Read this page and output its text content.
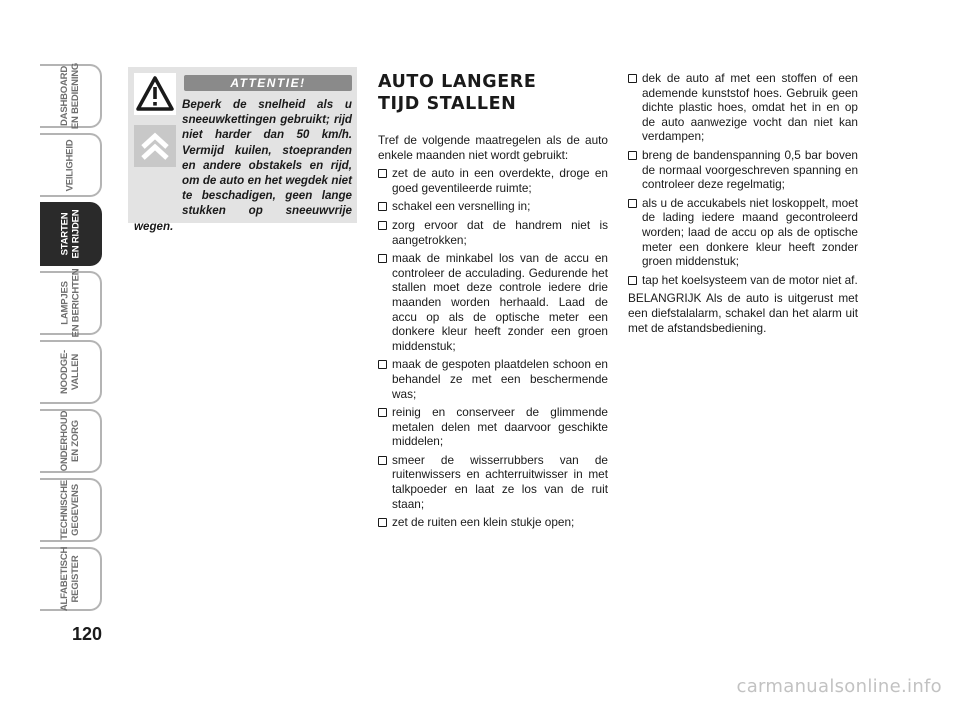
DASHBOARD
EN BEDIENING
VEILIGHEID
STARTEN
EN RIJDEN
LAMPJES
EN BERICHTEN
NOODGE-
VALLEN
ONDERHOUD
EN ZORG
TECHNISCHE
GEGEVENS
ALFABETISCH
REGISTER
120
ATTENTIE!
Beperk de snelheid als u sneeuwkettingen gebruikt; rijd niet harder dan 50 km/h. Vermijd kuilen, stoepranden en andere obstakels en rijd, om de auto en het wegdek niet te beschadigen, geen lange stukken op sneeuwvrije wegen.
AUTO LANGERE
TIJD STALLEN
Tref de volgende maatregelen als de auto enkele maanden niet wordt gebruikt:
zet de auto in een overdekte, droge en goed geventileerde ruimte;
schakel een versnelling in;
zorg ervoor dat de handrem niet is aangetrokken;
maak de minkabel los van de accu en controleer de acculading. Gedurende het stallen moet deze controle iedere drie maanden worden herhaald. Laad de accu op als de optische meter een donkere kleur heeft zonder een groen middenstuk;
maak de gespoten plaatdelen schoon en behandel ze met een beschermende was;
reinig en conserveer de glimmende metalen delen met daarvoor geschikte middelen;
smeer de wisserrubbers van de ruitenwissers en achterruitwisser in met talkpoeder en laat ze los van de ruit staan;
zet de ruiten een klein stukje open;
dek de auto af met een stoffen of een ademende kunststof hoes. Gebruik geen dichte plastic hoes, omdat het in en op de auto aanwezige vocht dan niet kan verdampen;
breng de bandenspanning 0,5 bar boven de normaal voorgeschreven spanning en controleer deze regelmatig;
als u de accukabels niet loskoppelt, moet de lading iedere maand gecontroleerd worden; laad de accu op als de optische meter een donkere kleur heeft zonder groen middenstuk;
tap het koelsysteem van de motor niet af.
BELANGRIJK Als de auto is uitgerust met een diefstalalarm, schakel dan het alarm uit met de afstandsbediening.
carmanualsonline.info
